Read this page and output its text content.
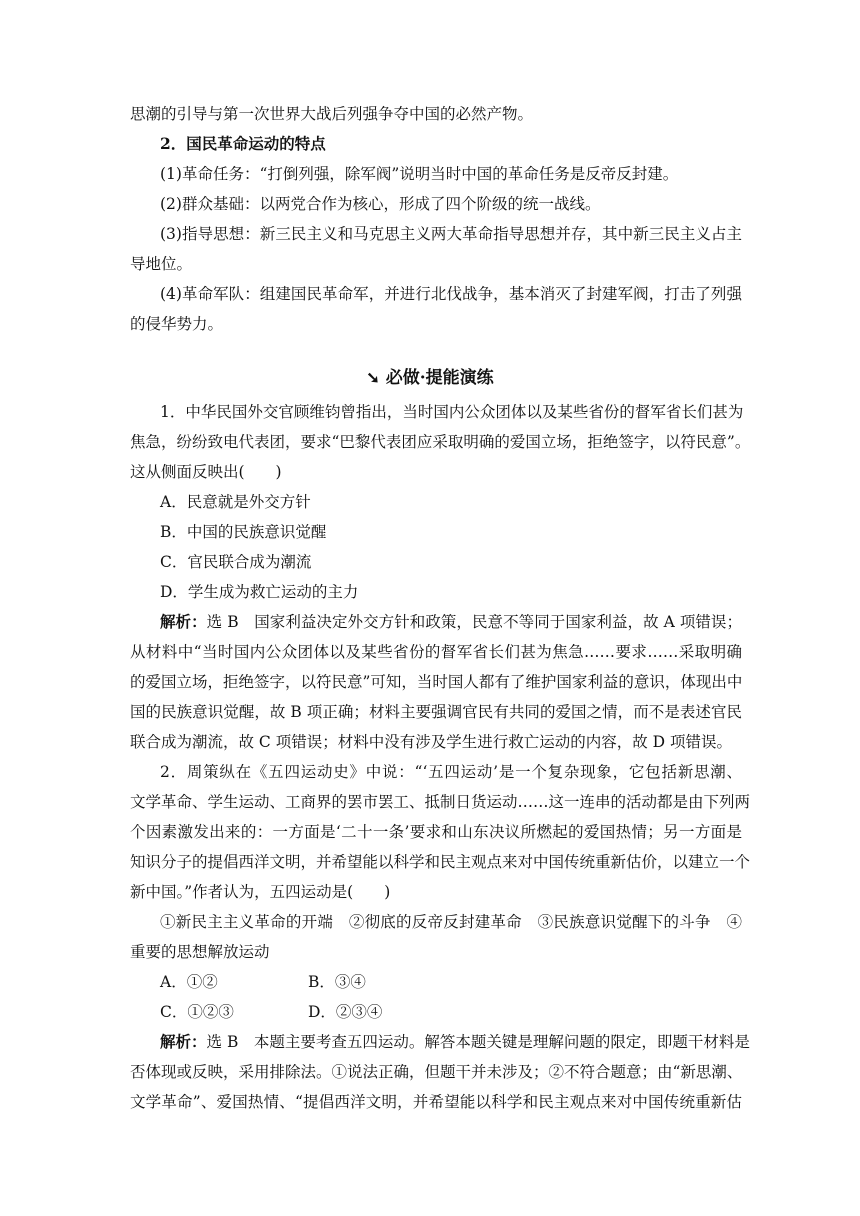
思潮的引导与第一次世界大战后列强争夺中国的必然产物。
2．国民革命运动的特点
(1)革命任务：“打倒列强，除军阀”说明当时中国的革命任务是反帝反封建。
(2)群众基础：以两党合作为核心，形成了四个阶级的统一战线。
(3)指导思想：新三民主义和马克思主义两大革命指导思想并存，其中新三民主义占主
导地位。
(4)革命军队：组建国民革命军，并进行北伐战争，基本消灭了封建军阀，打击了列强
的侵华势力。
➘ 必做·提能演练
1．中华民国外交官顾维钧曾指出，当时国内公众团体以及某些省份的督军省长们甚为
焦急，纷纷致电代表团，要求“巴黎代表团应采取明确的爱国立场，拒绝签字，以符民意”。
这从侧面反映出(　　)
A．民意就是外交方针
B．中国的民族意识觉醒
C．官民联合成为潮流
D．学生成为救亡运动的主力
解析：选 B　国家利益决定外交方针和政策，民意不等同于国家利益，故 A 项错误；
从材料中“当时国内公众团体以及某些省份的督军省长们甚为焦急……要求……采取明确
的爱国立场，拒绝签字，以符民意”可知，当时国人都有了维护国家利益的意识，体现出中
国的民族意识觉醒，故 B 项正确；材料主要强调官民有共同的爱国之情，而不是表述官民
联合成为潮流，故 C 项错误；材料中没有涉及学生进行救亡运动的内容，故 D 项错误。
2．周策纵在《五四运动史》中说：“‘五四运动’是一个复杂现象，它包括新思潮、
文学革命、学生运动、工商界的罢市罢工、抵制日货运动……这一连串的活动都是由下列两
个因素激发出来的：一方面是‘二十一条’要求和山东决议所燃起的爱国热情；另一方面是
知识分子的提倡西洋文明，并希望能以科学和民主观点来对中国传统重新估价，以建立一个
新中国。”作者认为，五四运动是(　　)
①新民主主义革命的开端　②彻底的反帝反封建革命　③民族意识觉醒下的斗争　④
重要的思想解放运动
A．①②	B．③④
C．①②③	D．②③④
解析：选 B　本题主要考查五四运动。解答本题关键是理解问题的限定，即题干材料是
否体现或反映，采用排除法。①说法正确，但题干并未涉及；②不符合题意；由“新思潮、
文学革命”、爱国热情、“提倡西洋文明，并希望能以科学和民主观点来对中国传统重新估
